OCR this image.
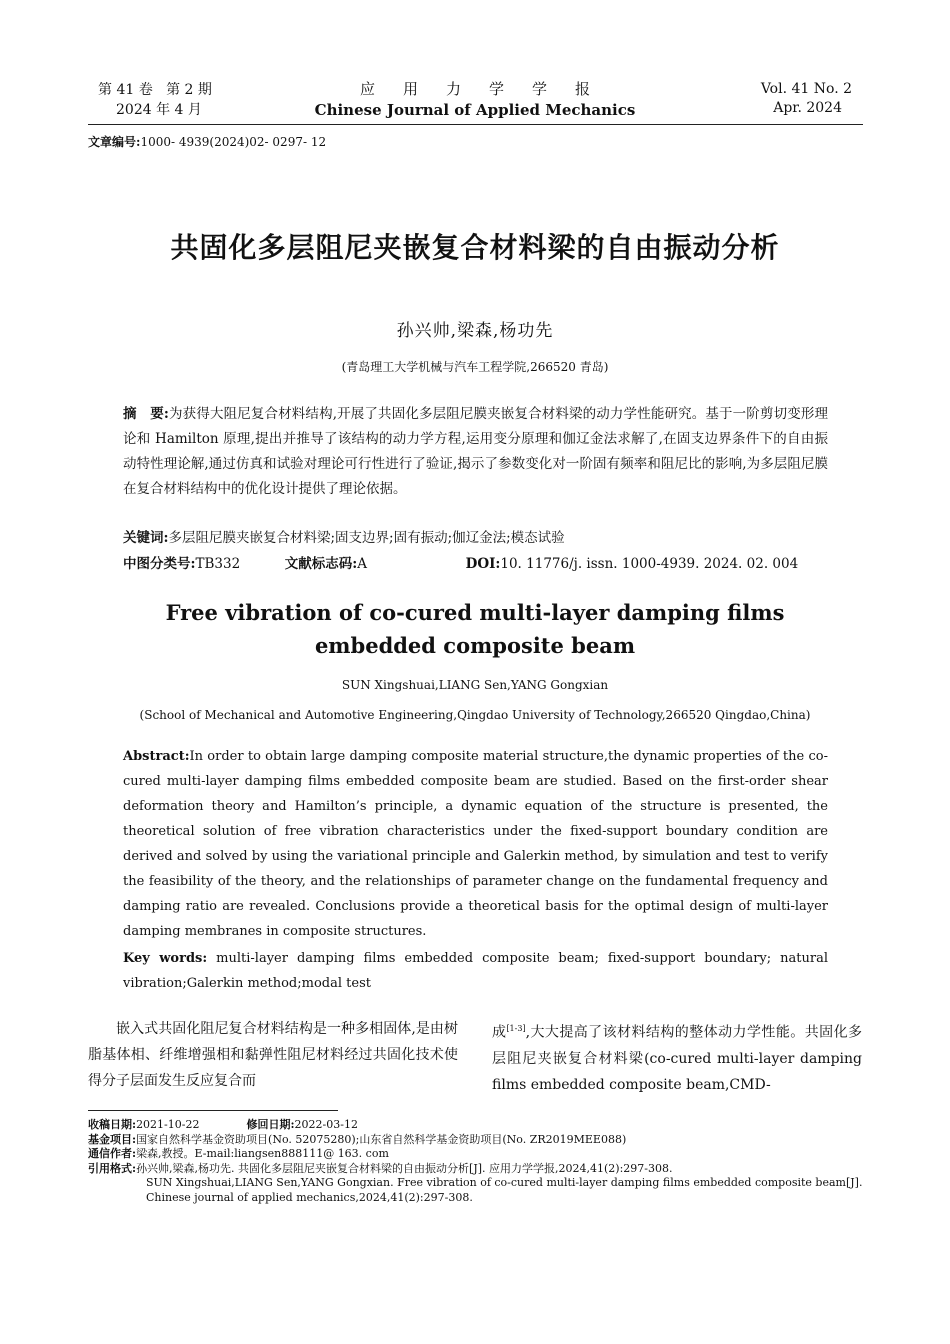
第 41 卷   第 2 期
2024 年 4 月
应用力学学报
Chinese Journal of Applied Mechanics
Vol. 41 No. 2
Apr. 2024
文章编号:1000- 4939(2024)02- 0297- 12
共固化多层阻尼夹嵌复合材料梁的自由振动分析
孙兴帅,梁森,杨功先
(青岛理工大学机械与汽车工程学院,266520 青岛)
摘　要:为获得大阻尼复合材料结构,开展了共固化多层阻尼膜夹嵌复合材料梁的动力学性能研究。基于一阶剪切变形理论和 Hamilton 原理,提出并推导了该结构的动力学方程,运用变分原理和伽辽金法求解了,在固支边界条件下的自由振动特性理论解,通过仿真和试验对理论可行性进行了验证,揭示了参数变化对一阶固有频率和阻尼比的影响,为多层阻尼膜在复合材料结构中的优化设计提供了理论依据。
关键词:多层阻尼膜夹嵌复合材料梁;固支边界;固有振动;伽辽金法;模态试验
中图分类号:TB332	文献标志码:A	DOI:10. 11776/j. issn. 1000-4939. 2024. 02. 004
Free vibration of co-cured multi-layer damping films
embedded composite beam
SUN Xingshuai,LIANG Sen,YANG Gongxian
(School of Mechanical and Automotive Engineering,Qingdao University of Technology,266520 Qingdao,China)
Abstract:In order to obtain large damping composite material structure,the dynamic properties of the co-cured multi-layer damping films embedded composite beam are studied. Based on the first-order shear deformation theory and Hamilton’s principle, a dynamic equation of the structure is presented, the theoretical solution of free vibration characteristics under the fixed-support boundary condition are derived and solved by using the variational principle and Galerkin method, by simulation and test to verify the feasibility of the theory, and the relationships of parameter change on the fundamental frequency and damping ratio are revealed. Conclusions provide a theoretical basis for the optimal design of multi-layer damping membranes in composite structures.
Key words: multi-layer damping films embedded composite beam; fixed-support boundary; natural vibration;Galerkin method;modal test
嵌入式共固化阻尼复合材料结构是一种多相固体,是由树脂基体相、纤维增强相和黏弹性阻尼材料经过共固化技术使得分子层面发生反应复合而
成[1-3],大大提高了该材料结构的整体动力学性能。共固化多层阻尼夹嵌复合材料梁(co-cured multi-layer damping films embedded composite beam,CMD-
收稿日期:2021-10-22	修回日期:2022-03-12
基金项目:国家自然科学基金资助项目(No. 52075280);山东省自然科学基金资助项目(No. ZR2019MEE088)
通信作者:梁森,教授。E-mail:liangsen888111@ 163. com
引用格式:孙兴帅,梁森,杨功先. 共固化多层阻尼夹嵌复合材料梁的自由振动分析[J]. 应用力学学报,2024,41(2):297-308.
SUN Xingshuai,LIANG Sen,YANG Gongxian. Free vibration of co-cured multi-layer damping films embedded composite beam[J]. Chinese journal of applied mechanics,2024,41(2):297-308.
